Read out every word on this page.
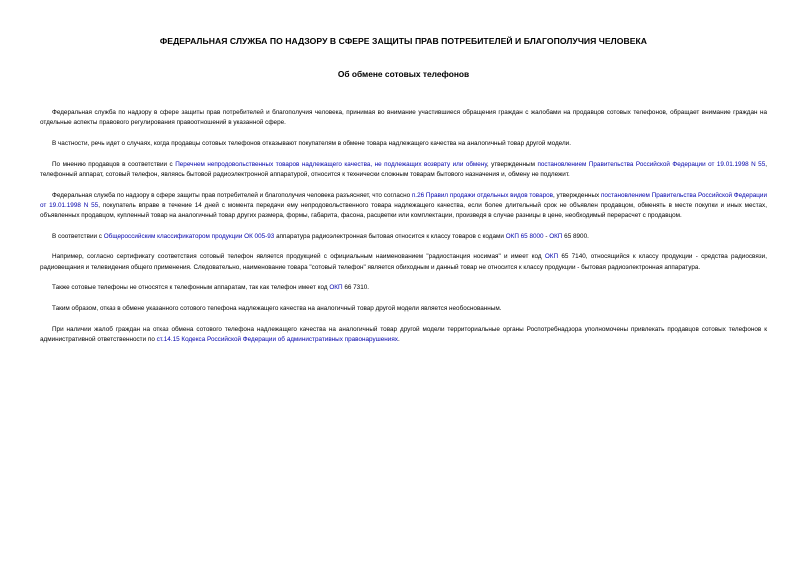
ФЕДЕРАЛЬНАЯ СЛУЖБА ПО НАДЗОРУ В СФЕРЕ ЗАЩИТЫ ПРАВ ПОТРЕБИТЕЛЕЙ И БЛАГОПОЛУЧИЯ ЧЕЛОВЕКА
Об обмене сотовых телефонов

Федеральная служба по надзору в сфере защиты прав потребителей и благополучия человека, принимая во внимание участившиеся обращения граждан с жалобами на продавцов сотовых телефонов, обращает внимание граждан на отдельные аспекты правового регулирования правоотношений в указанной сфере.

В частности, речь идет о случаях, когда продавцы сотовых телефонов отказывают покупателям в обмене товара надлежащего качества на аналогичный товар другой модели.

По мнению продавцов в соответствии с Перечнем непродовольственных товаров надлежащего качества, не подлежащих возврату или обмену, утвержденным постановлением Правительства Российской Федерации от 19.01.1998 N 55, телефонный аппарат, сотовый телефон, являясь бытовой радиоэлектронной аппаратурой, относится к технически сложным товарам бытового назначения и, обмену не подлежит.

Федеральная служба по надзору в сфере защиты прав потребителей и благополучия человека разъясняет, что согласно п.26 Правил продажи отдельных видов товаров, утвержденных постановлением Правительства Российской Федерации от 19.01.1998 N 55, покупатель вправе в течение 14 дней с момента передачи ему непродовольственного товара надлежащего качества, если более длительный срок не объявлен продавцом, обменять в месте покупки и иных местах, объявленных продавцом, купленный товар на аналогичный товар других размера, формы, габарита, фасона, расцветки или комплектации, произведя в случае разницы в цене, необходимый перерасчет с продавцом.

В соответствии с Общероссийским классификатором продукции ОК 005-93 аппаратура радиоэлектронная бытовая относится к классу товаров с кодами ОКП 65 8000 - ОКП 65 8900.

Например, согласно сертификату соответствия сотовый телефон является продукцией с официальным наименованием "радиостанция носимая" и имеет код ОКП 65 7140, относящийся к классу продукции - средства радиосвязи, радиовещания и телевидения общего применения. Следовательно, наименование товара "сотовый телефон" является обиходным и данный товар не относится к классу продукции - бытовая радиоэлектронная аппаратура.

Также сотовые телефоны не относятся к телефонным аппаратам, так как телефон имеет код ОКП 66 7310.

Таким образом, отказ в обмене указанного сотового телефона надлежащего качества на аналогичный товар другой модели является необоснованным.

При наличии жалоб граждан на отказ обмена сотового телефона надлежащего качества на аналогичный товар другой модели территориальные органы Роспотребнадзора уполномочены привлекать продавцов сотовых телефонов к административной ответственности по ст.14.15 Кодекса Российской Федерации об административных правонарушениях.
